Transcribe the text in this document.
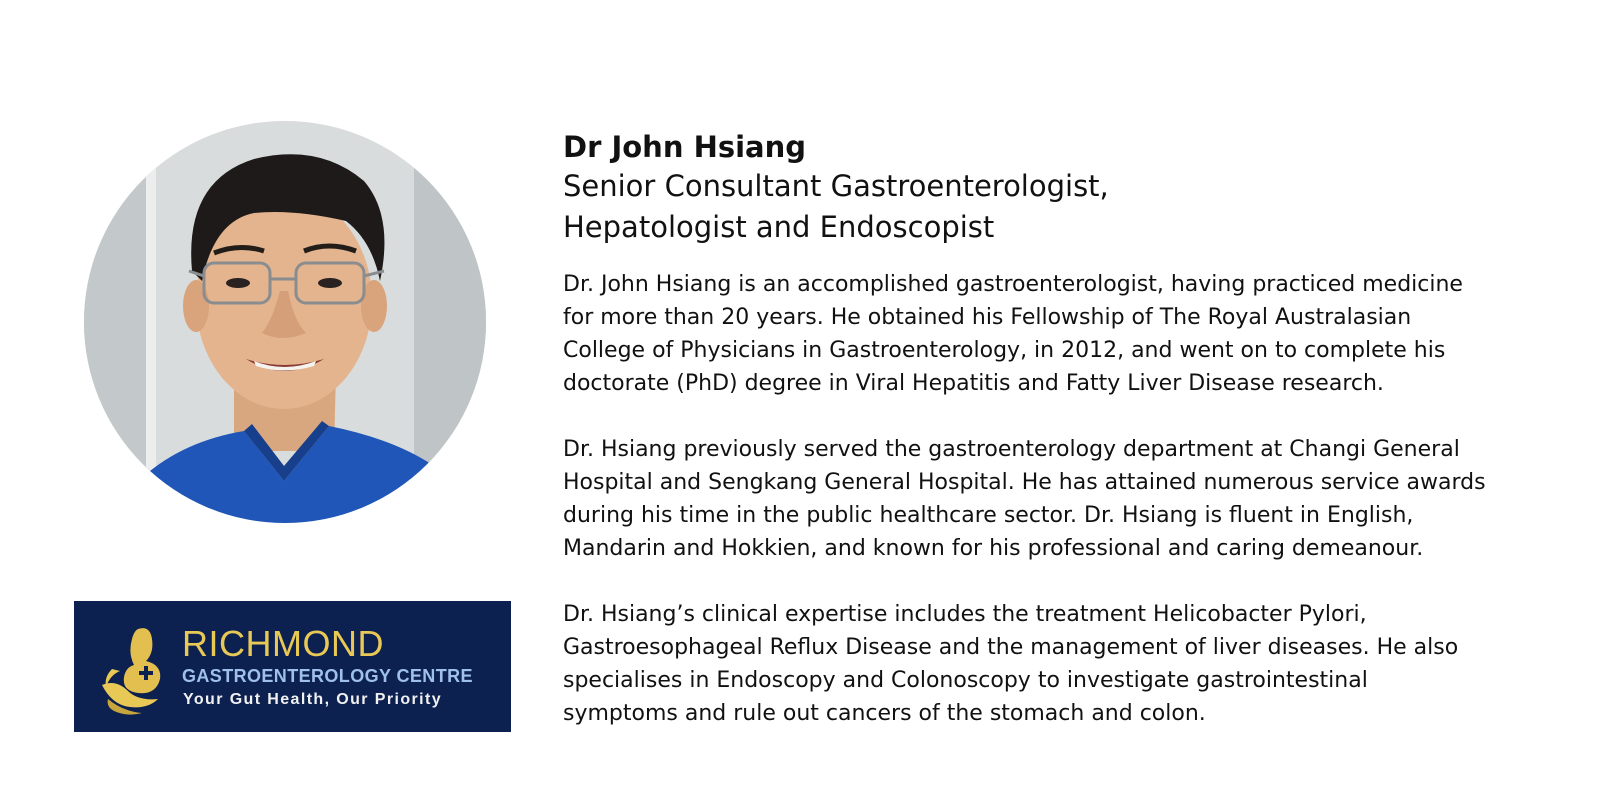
Dr John Hsiang
Senior Consultant Gastroenterologist,
Hepatologist and Endoscopist

Dr. John Hsiang is an accomplished gastroenterologist, having practiced medicine
for more than 20 years. He obtained his Fellowship of The Royal Australasian
College of Physicians in Gastroenterology, in 2012, and went on to complete his
doctorate (PhD) degree in Viral Hepatitis and Fatty Liver Disease research.

Dr. Hsiang previously served the gastroenterology department at Changi General
Hospital and Sengkang General Hospital. He has attained numerous service awards
during his time in the public healthcare sector. Dr. Hsiang is fluent in English,
Mandarin and Hokkien, and known for his professional and caring demeanour.

Dr. Hsiang’s clinical expertise includes the treatment Helicobacter Pylori,
Gastroesophageal Reflux Disease and the management of liver diseases. He also
specialises in Endoscopy and Colonoscopy to investigate gastrointestinal
symptoms and rule out cancers of the stomach and colon.

RICHMOND
GASTROENTEROLOGY CENTRE
Your Gut Health, Our Priority
